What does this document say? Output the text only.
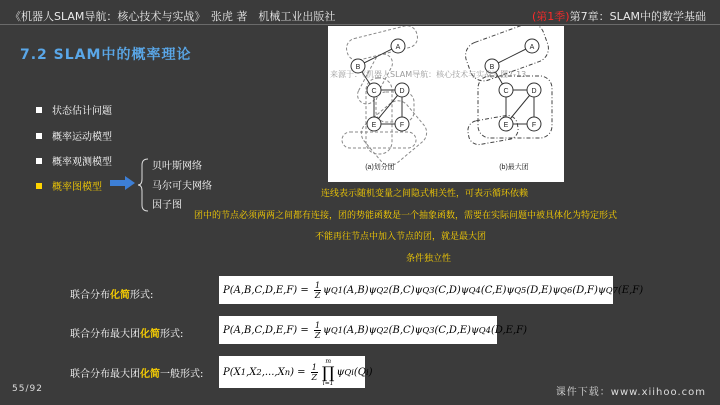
《机器人SLAM导航：核心技术与实战》　张虎 著　机械工业出版社	(第1季)第7章：SLAM中的数学基础
7.2 SLAM中的概率理论	A
B
C	D
E	F
A
B
C	D
E	F
(a)划分团	(b)最大团
来源于：《机器人SLAM导航：核心技术与实战》图7-13
状态估计问题
概率运动模型
概率观测模型
概率图模型
贝叶斯网络
马尔可夫网络
因子图
连线表示随机变量之间隐式相关性，可表示循环依赖
团中的节点必须两两之间都有连接，团的势能函数是一个抽象函数，需要在实际问题中被具体化为特定形式
不能再往节点中加入节点的团，就是最大团
条件独立性
联合分布化简形式:	$P(A,B,C,D,E,F) = \frac{1}{Z}$ ψ Q1 (A,B)ψ Q2 (B,C)ψ Q3 (C,D)ψ Q4 (C,E)ψ Q5 (D,E)ψ Q6 (D,F)ψ Q7 (E,F)
联合分布最大团化简形式:	$P(A,B,C,D,E,F) = \frac{1}{Z}$ ψ Q1 (A,B)ψ Q2 (B,C)ψ Q3 (C,D,E)ψ Q4 (D,E,F)
联合分布最大团化简一般形式:	P(X 1 ,X 2 ,...,X n ) = $\frac{1}{Z}$
m
∏
i=1
ψ Qi (Q i )
55/92	课件下载：www.xiihoo.com
